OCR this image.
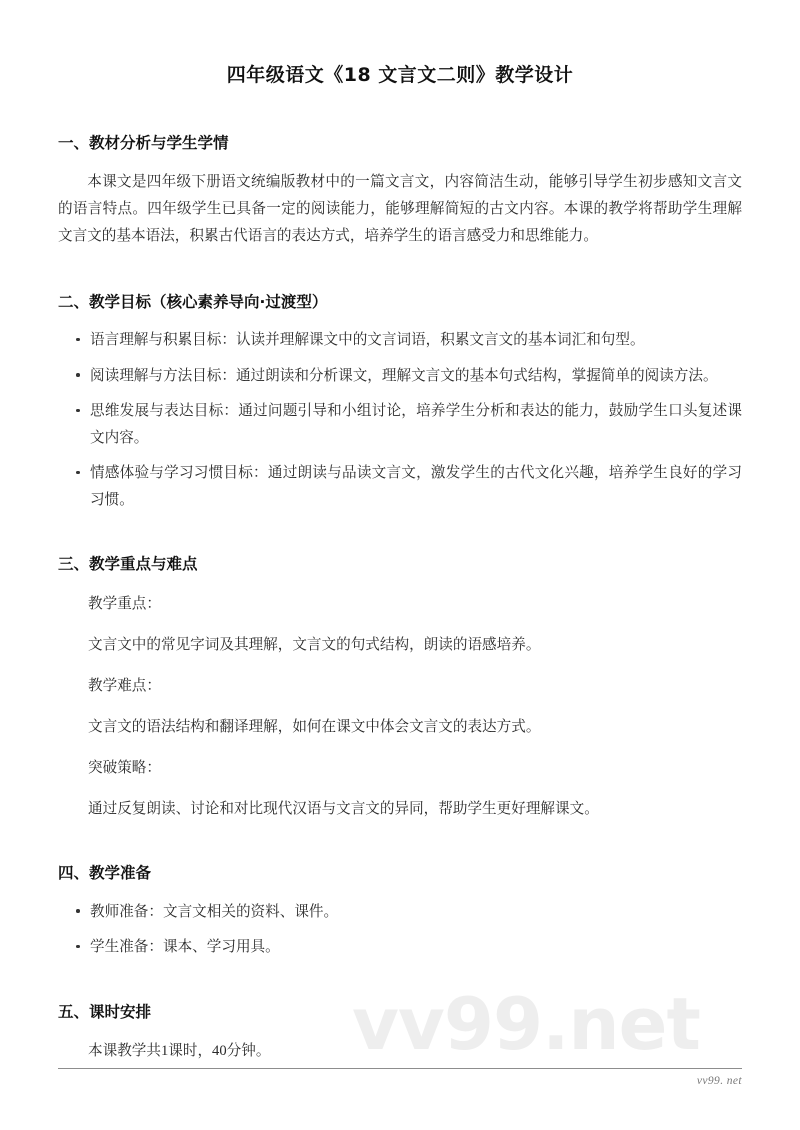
vv99.net
四年级语文《18 文言文二则》教学设计
一、教材分析与学生学情

本课文是四年级下册语文统编版教材中的一篇文言文，内容简洁生动，能够引导学生初步感知文言文的语言特点。四年级学生已具备一定的阅读能力，能够理解简短的古文内容。本课的教学将帮助学生理解文言文的基本语法，积累古代语言的表达方式，培养学生的语言感受力和思维能力。

二、教学目标（核心素养导向·过渡型）
语言理解与积累目标：认读并理解课文中的文言词语，积累文言文的基本词汇和句型。
阅读理解与方法目标：通过朗读和分析课文，理解文言文的基本句式结构，掌握简单的阅读方法。
思维发展与表达目标：通过问题引导和小组讨论，培养学生分析和表达的能力，鼓励学生口头复述课文内容。
情感体验与学习习惯目标：通过朗读与品读文言文，激发学生的古代文化兴趣，培养学生良好的学习习惯。
三、教学重点与难点

教学重点：

文言文中的常见字词及其理解，文言文的句式结构，朗读的语感培养。

教学难点：

文言文的语法结构和翻译理解，如何在课文中体会文言文的表达方式。

突破策略：

通过反复朗读、讨论和对比现代汉语与文言文的异同，帮助学生更好理解课文。

四、教学准备
教师准备：文言文相关的资料、课件。
学生准备：课本、学习用具。
五、课时安排

本课教学共1课时，40分钟。

vv99. net
